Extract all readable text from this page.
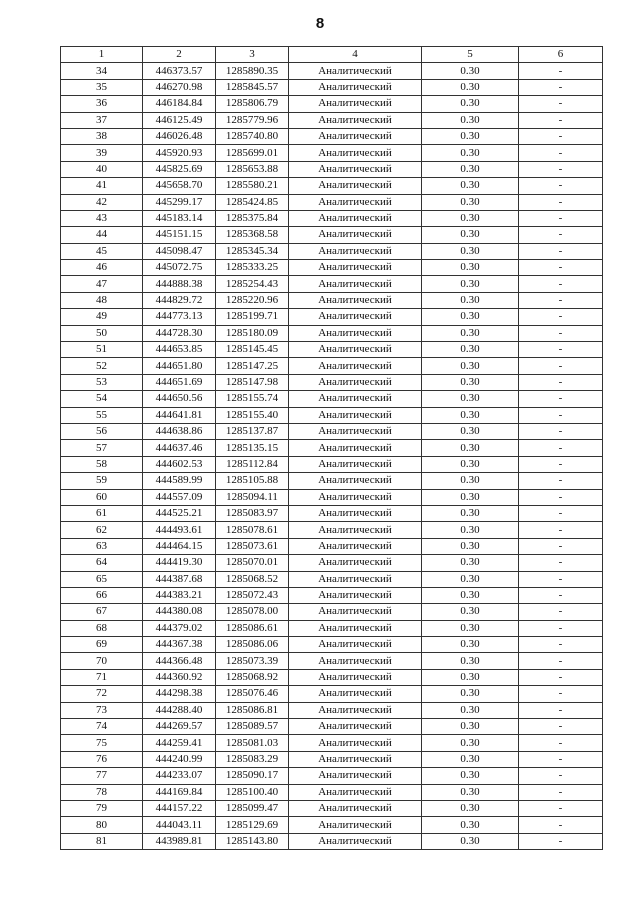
8
1	2	3	4	5	6
34	446373.57	1285890.35	Аналитический	0.30	-
35	446270.98	1285845.57	Аналитический	0.30	-
36	446184.84	1285806.79	Аналитический	0.30	-
37	446125.49	1285779.96	Аналитический	0.30	-
38	446026.48	1285740.80	Аналитический	0.30	-
39	445920.93	1285699.01	Аналитический	0.30	-
40	445825.69	1285653.88	Аналитический	0.30	-
41	445658.70	1285580.21	Аналитический	0.30	-
42	445299.17	1285424.85	Аналитический	0.30	-
43	445183.14	1285375.84	Аналитический	0.30	-
44	445151.15	1285368.58	Аналитический	0.30	-
45	445098.47	1285345.34	Аналитический	0.30	-
46	445072.75	1285333.25	Аналитический	0.30	-
47	444888.38	1285254.43	Аналитический	0.30	-
48	444829.72	1285220.96	Аналитический	0.30	-
49	444773.13	1285199.71	Аналитический	0.30	-
50	444728.30	1285180.09	Аналитический	0.30	-
51	444653.85	1285145.45	Аналитический	0.30	-
52	444651.80	1285147.25	Аналитический	0.30	-
53	444651.69	1285147.98	Аналитический	0.30	-
54	444650.56	1285155.74	Аналитический	0.30	-
55	444641.81	1285155.40	Аналитический	0.30	-
56	444638.86	1285137.87	Аналитический	0.30	-
57	444637.46	1285135.15	Аналитический	0.30	-
58	444602.53	1285112.84	Аналитический	0.30	-
59	444589.99	1285105.88	Аналитический	0.30	-
60	444557.09	1285094.11	Аналитический	0.30	-
61	444525.21	1285083.97	Аналитический	0.30	-
62	444493.61	1285078.61	Аналитический	0.30	-
63	444464.15	1285073.61	Аналитический	0.30	-
64	444419.30	1285070.01	Аналитический	0.30	-
65	444387.68	1285068.52	Аналитический	0.30	-
66	444383.21	1285072.43	Аналитический	0.30	-
67	444380.08	1285078.00	Аналитический	0.30	-
68	444379.02	1285086.61	Аналитический	0.30	-
69	444367.38	1285086.06	Аналитический	0.30	-
70	444366.48	1285073.39	Аналитический	0.30	-
71	444360.92	1285068.92	Аналитический	0.30	-
72	444298.38	1285076.46	Аналитический	0.30	-
73	444288.40	1285086.81	Аналитический	0.30	-
74	444269.57	1285089.57	Аналитический	0.30	-
75	444259.41	1285081.03	Аналитический	0.30	-
76	444240.99	1285083.29	Аналитический	0.30	-
77	444233.07	1285090.17	Аналитический	0.30	-
78	444169.84	1285100.40	Аналитический	0.30	-
79	444157.22	1285099.47	Аналитический	0.30	-
80	444043.11	1285129.69	Аналитический	0.30	-
81	443989.81	1285143.80	Аналитический	0.30	-
